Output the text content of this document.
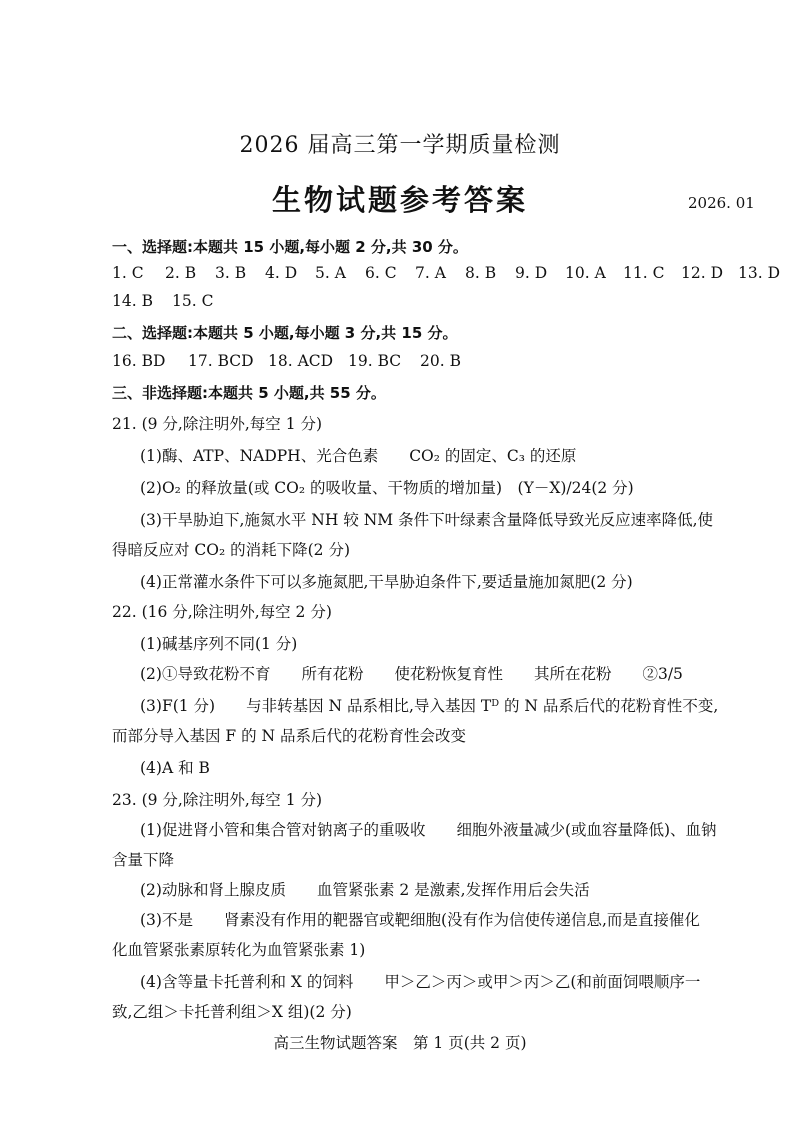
2026 届高三第一学期质量检测
生物试题参考答案	2026. 01
一、选择题:本题共 15 小题,每小题 2 分,共 30 分。
1. C 2. B 3. B 4. D 5. A 6. C 7. A 8. B 9. D 10. A 11. C 12. D 13. D
14. B 15. C
二、选择题:本题共 5 小题,每小题 3 分,共 15 分。
16. BD 17. BCD 18. ACD 19. BC 20. B
三、非选择题:本题共 5 小题,共 55 分。
21. (9 分,除注明外,每空 1 分)
(1)酶、ATP、NADPH、光合色素　　CO₂ 的固定、C₃ 的还原
(2)O₂ 的释放量(或 CO₂ 的吸收量、干物质的增加量)　(Y－X)/24(2 分)
(3)干旱胁迫下,施氮水平 NH 较 NM 条件下叶绿素含量降低导致光反应速率降低,使
得暗反应对 CO₂ 的消耗下降(2 分)
(4)正常灌水条件下可以多施氮肥,干旱胁迫条件下,要适量施加氮肥(2 分)
22. (16 分,除注明外,每空 2 分)
(1)碱基序列不同(1 分)
(2)①导致花粉不育　　所有花粉　　使花粉恢复育性　　其所在花粉　　②3/5
(3)F(1 分)　　与非转基因 N 品系相比,导入基因 Tᴰ 的 N 品系后代的花粉育性不变,
而部分导入基因 F 的 N 品系后代的花粉育性会改变
(4)A 和 B
23. (9 分,除注明外,每空 1 分)
(1)促进肾小管和集合管对钠离子的重吸收　　细胞外液量减少(或血容量降低)、血钠
含量下降
(2)动脉和肾上腺皮质　　血管紧张素 2 是激素,发挥作用后会失活
(3)不是　　肾素没有作用的靶器官或靶细胞(没有作为信使传递信息,而是直接催化
化血管紧张素原转化为血管紧张素 1)
(4)含等量卡托普利和 X 的饲料　　甲＞乙＞丙＞或甲＞丙＞乙(和前面饲喂顺序一
致,乙组＞卡托普利组＞X 组)(2 分)
高三生物试题答案　第 1 页(共 2 页)
